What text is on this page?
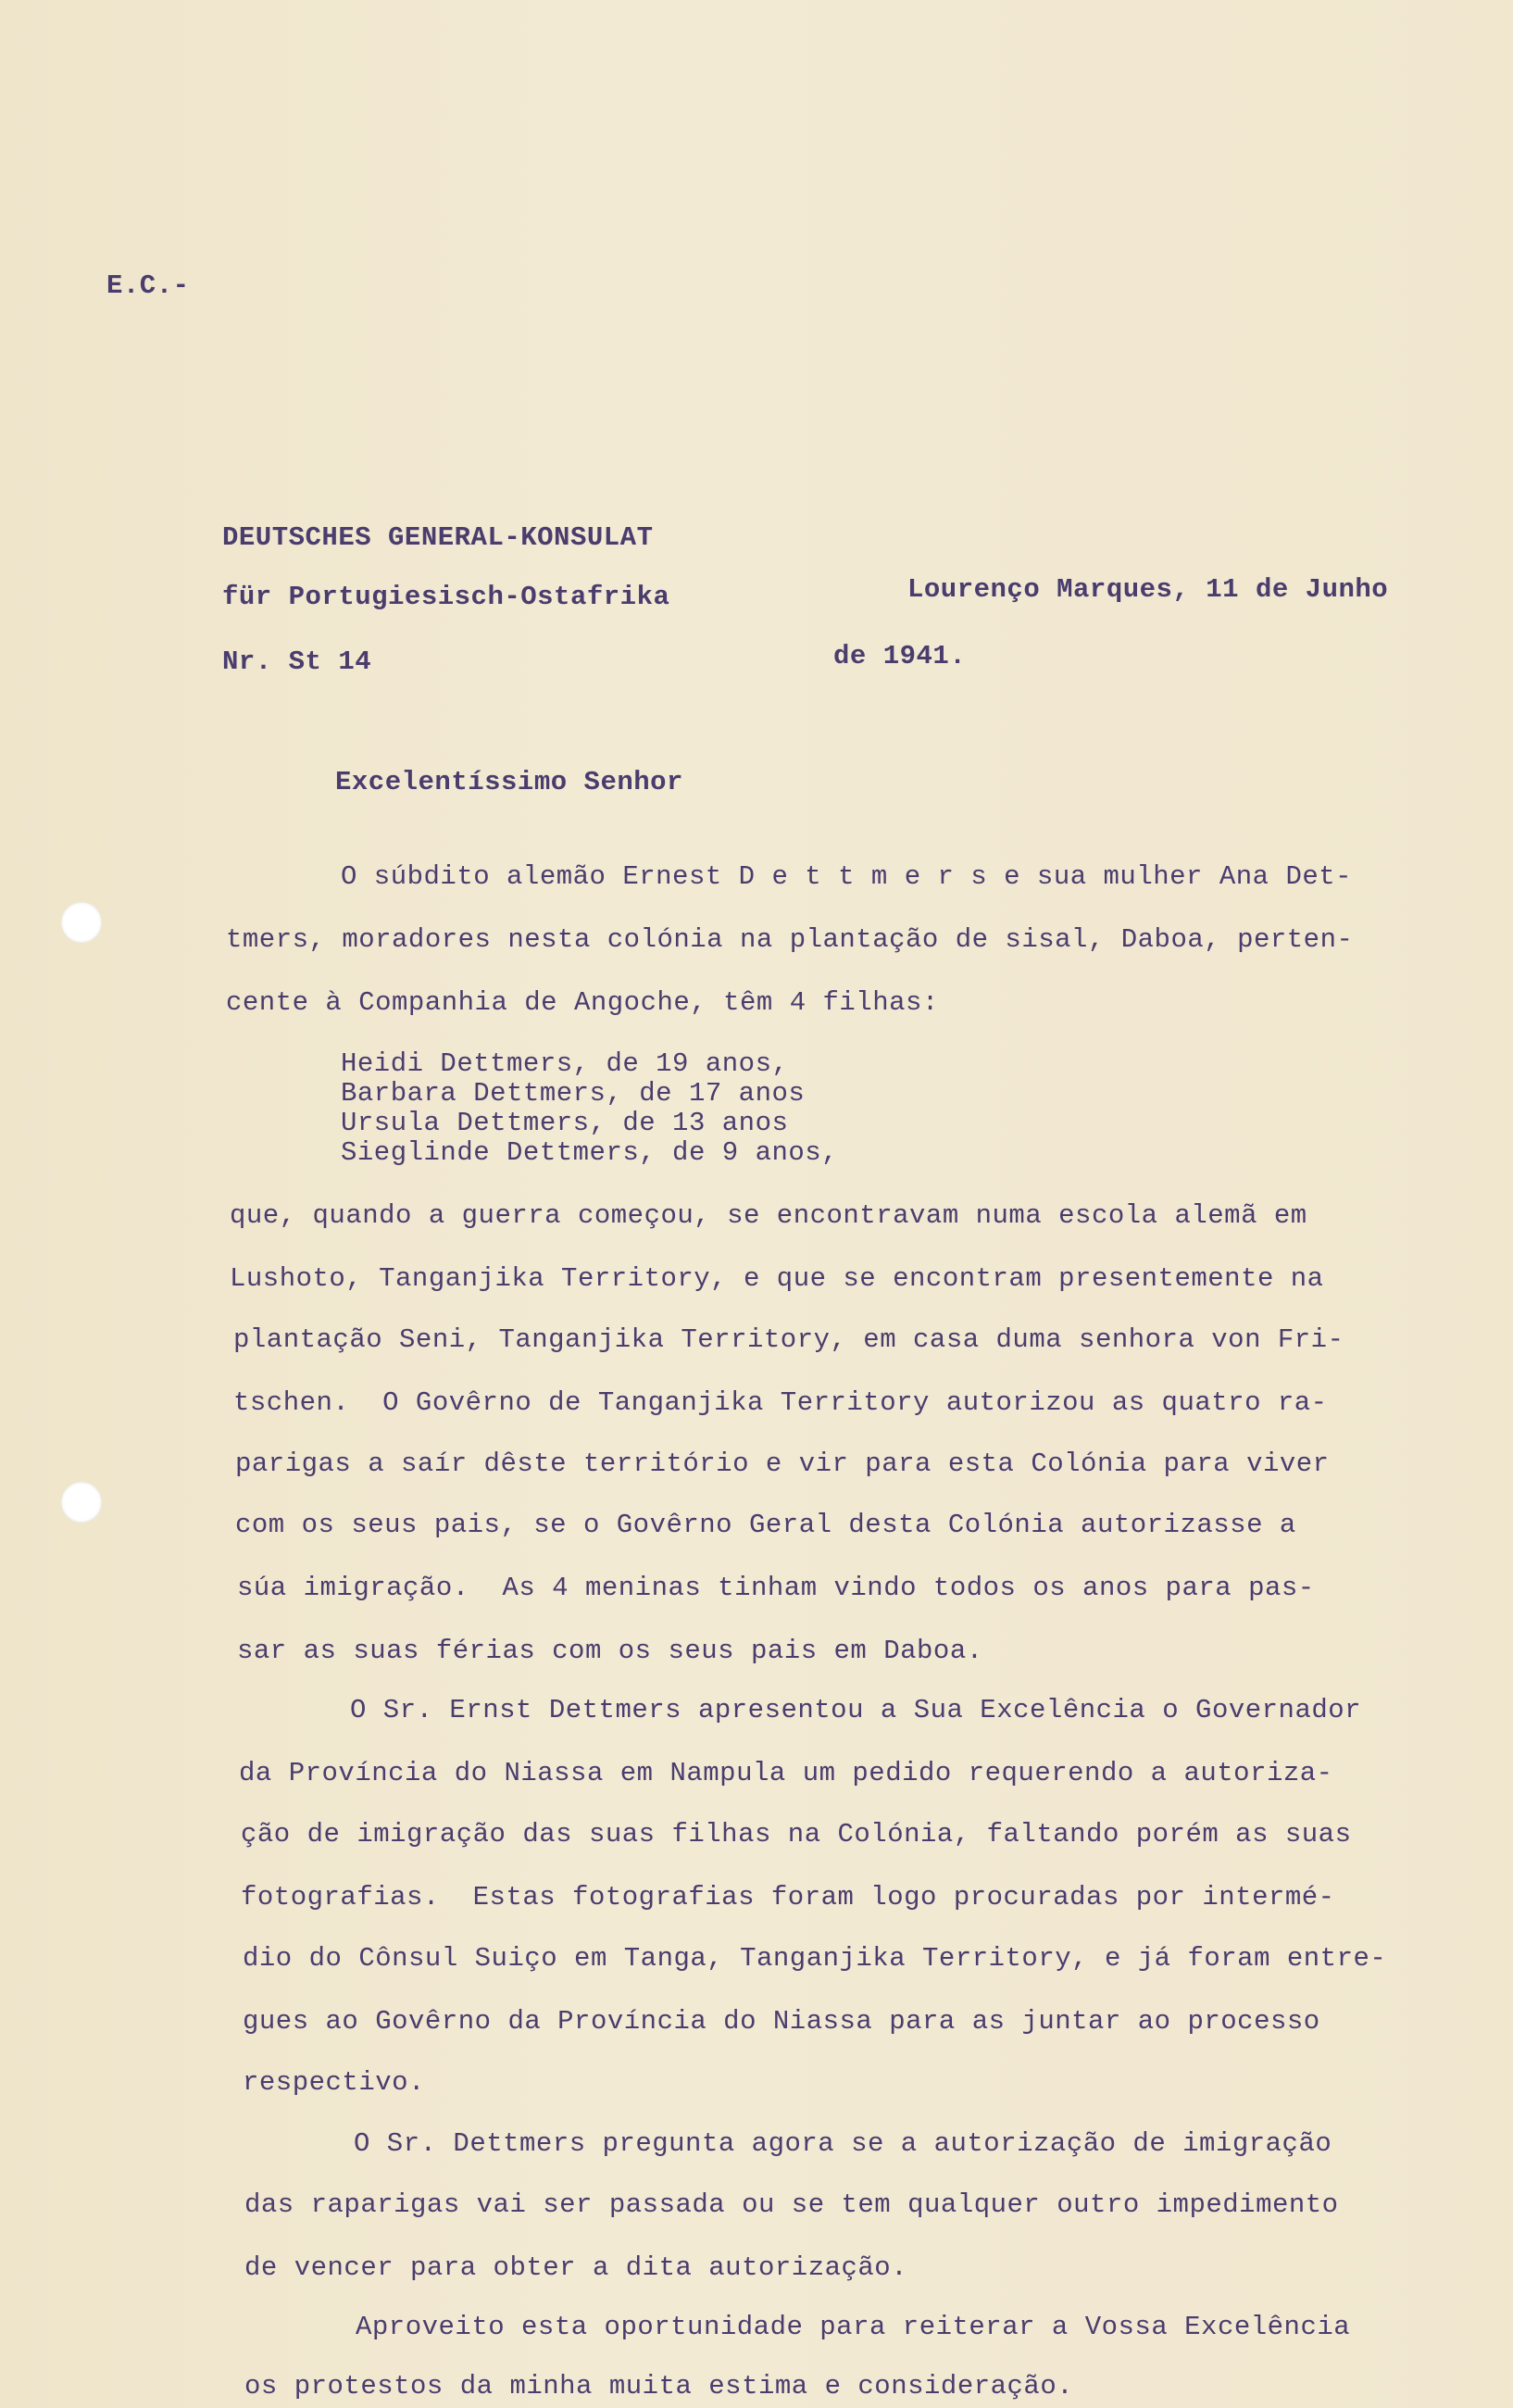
E.C.-
DEUTSCHES GENERAL-KONSULAT
für Portugiesisch-Ostafrika
Nr. St 14
Lourenço Marques, 11 de Junho
de 1941.
Excelentíssimo Senhor
O súbdito alemão Ernest D e t t m e r s e sua mulher Ana Det-
tmers, moradores nesta colónia na plantação de sisal, Daboa, perten-
cente à Companhia de Angoche, têm 4 filhas:
Heidi Dettmers, de 19 anos,
Barbara Dettmers, de 17 anos
Ursula Dettmers, de 13 anos
Sieglinde Dettmers, de 9 anos,
que, quando a guerra começou, se encontravam numa escola alemã em
Lushoto, Tanganjika Territory, e que se encontram presentemente na
plantação Seni, Tanganjika Territory, em casa duma senhora von Fri-
tschen.  O Govêrno de Tanganjika Territory autorizou as quatro ra-
parigas a saír dêste território e vir para esta Colónia para viver
com os seus pais, se o Govêrno Geral desta Colónia autorizasse a
súa imigração.  As 4 meninas tinham vindo todos os anos para pas-
sar as suas férias com os seus pais em Daboa.
O Sr. Ernst Dettmers apresentou a Sua Excelência o Governador
da Província do Niassa em Nampula um pedido requerendo a autoriza-
ção de imigração das suas filhas na Colónia, faltando porém as suas
fotografias.  Estas fotografias foram logo procuradas por intermé-
dio do Cônsul Suiço em Tanga, Tanganjika Territory, e já foram entre-
gues ao Govêrno da Província do Niassa para as juntar ao processo
respectivo.
O Sr. Dettmers pregunta agora se a autorização de imigração
das raparigas vai ser passada ou se tem qualquer outro impedimento
de vencer para obter a dita autorização.
Aproveito esta oportunidade para reiterar a Vossa Excelência
os protestos da minha muita estima e consideração.
